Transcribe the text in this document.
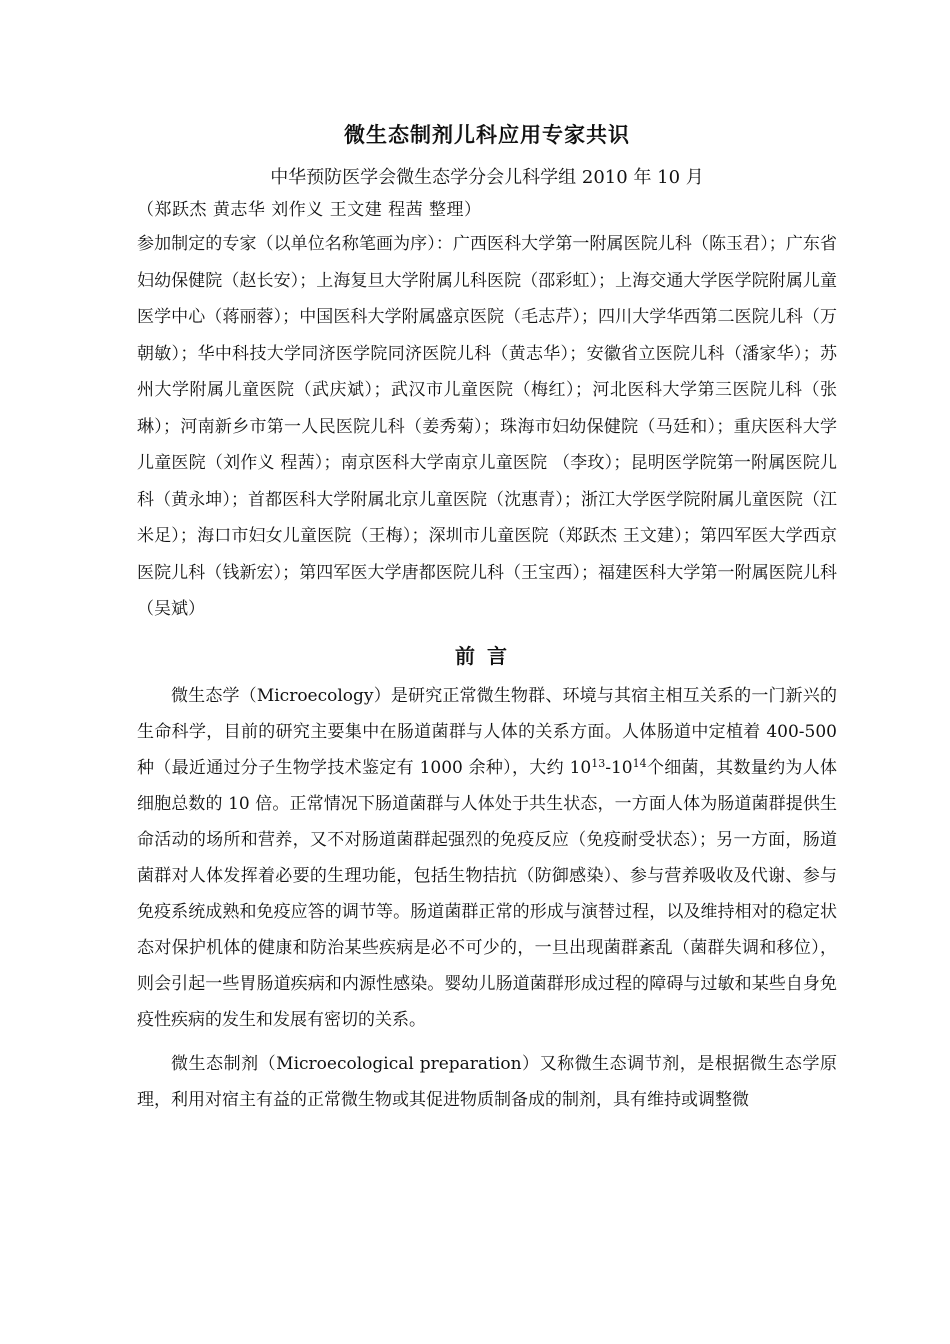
微生态制剂儿科应用专家共识

中华预防医学会微生态学分会儿科学组 2010 年 10 月

（郑跃杰 黄志华 刘作义 王文建 程茜 整理）

参加制定的专家（以单位名称笔画为序）：广西医科大学第一附属医院儿科（陈玉君）；广东省妇幼保健院（赵长安）；上海复旦大学附属儿科医院（邵彩虹）；上海交通大学医学院附属儿童医学中心（蒋丽蓉）；中国医科大学附属盛京医院（毛志芹）；四川大学华西第二医院儿科（万朝敏）；华中科技大学同济医学院同济医院儿科（黄志华）；安徽省立医院儿科（潘家华）；苏州大学附属儿童医院（武庆斌）；武汉市儿童医院（梅红）；河北医科大学第三医院儿科（张琳）；河南新乡市第一人民医院儿科（姜秀菊）；珠海市妇幼保健院（马廷和）；重庆医科大学儿童医院（刘作义 程茜）；南京医科大学南京儿童医院 （李玫）；昆明医学院第一附属医院儿科（黄永坤）；首都医科大学附属北京儿童医院（沈惠青）；浙江大学医学院附属儿童医院（江米足）；海口市妇女儿童医院（王梅）；深圳市儿童医院（郑跃杰 王文建）；第四军医大学西京医院儿科（钱新宏）；第四军医大学唐都医院儿科（王宝西）；福建医科大学第一附属医院儿科（吴斌）

前言

微生态学（Microecology）是研究正常微生物群、环境与其宿主相互关系的一门新兴的生命科学，目前的研究主要集中在肠道菌群与人体的关系方面。人体肠道中定植着 400-500 种（最近通过分子生物学技术鉴定有 1000 余种），大约 $10^{13}-10^{14}$个细菌，其数量约为人体细胞总数的 10 倍。正常情况下肠道菌群与人体处于共生状态，一方面人体为肠道菌群提供生命活动的场所和营养，又不对肠道菌群起强烈的免疫反应（免疫耐受状态）；另一方面，肠道菌群对人体发挥着必要的生理功能，包括生物拮抗（防御感染）、参与营养吸收及代谢、参与免疫系统成熟和免疫应答的调节等。肠道菌群正常的形成与演替过程，以及维持相对的稳定状态对保护机体的健康和防治某些疾病是必不可少的，一旦出现菌群紊乱（菌群失调和移位），则会引起一些胃肠道疾病和内源性感染。婴幼儿肠道菌群形成过程的障碍与过敏和某些自身免疫性疾病的发生和发展有密切的关系。

微生态制剂（Microecological preparation）又称微生态调节剂，是根据微生态学原理，利用对宿主有益的正常微生物或其促进物质制备成的制剂，具有维持或调整微
